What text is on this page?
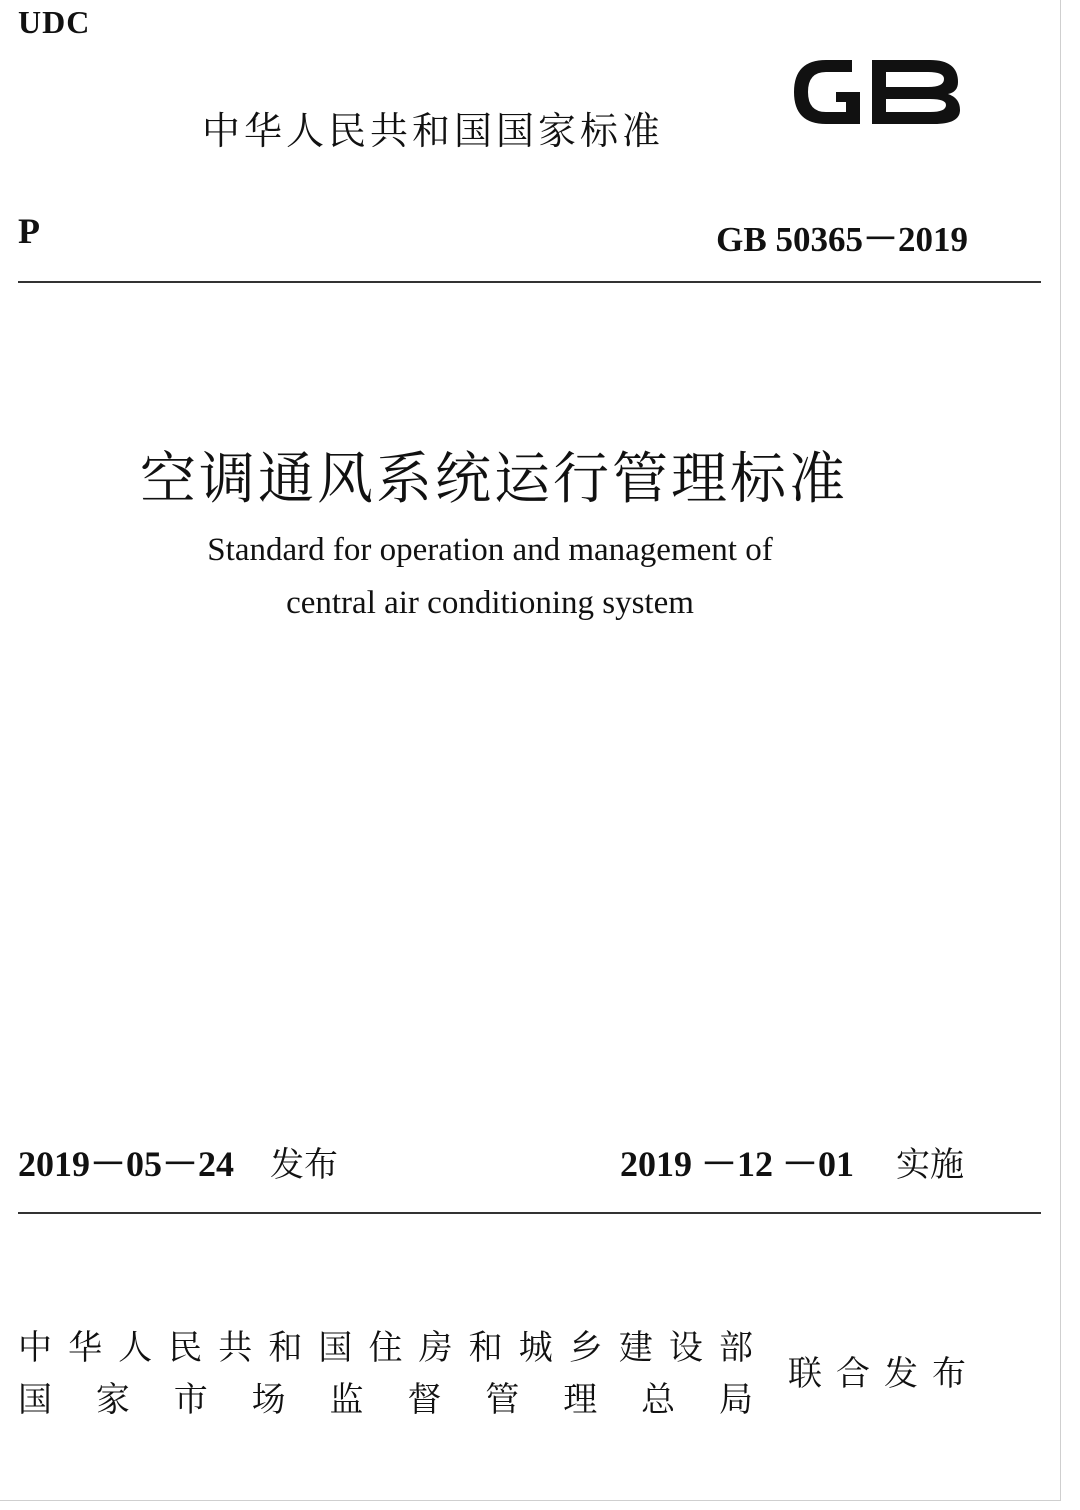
UDC
中华人民共和国国家标准
GB
P	GB 50365－2019
空调通风系统运行管理标准
Standard for operation and management of
central air conditioning system
2019－05－24 发布	2019 －12 －01 实施
中华人民共和国住房和城乡建设部
国家市场监督管理总局
联合发布
